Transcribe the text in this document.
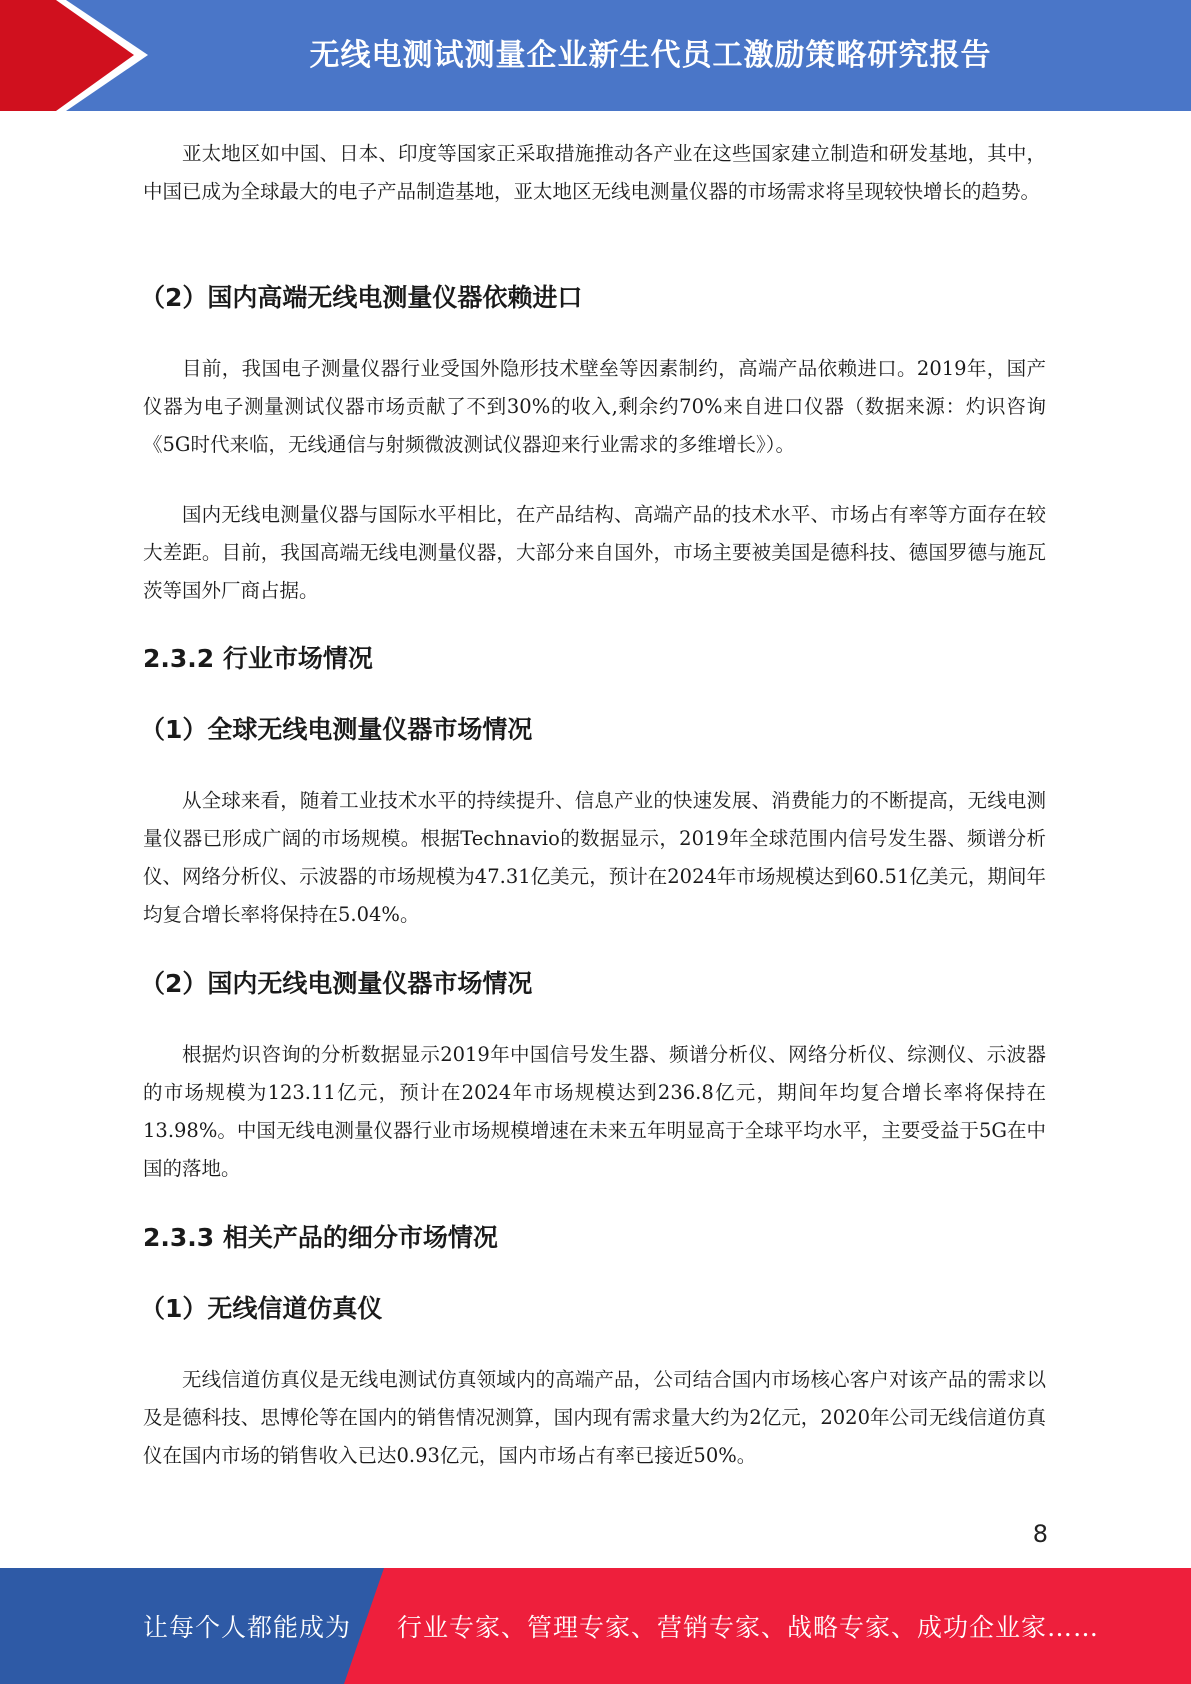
无线电测试测量企业新生代员工激励策略研究报告

亚太地区如中国、日本、印度等国家正采取措施推动各产业在这些国家建立制造和研发基地，其中，中国已成为全球最大的电子产品制造基地，亚太地区无线电测量仪器的市场需求将呈现较快增长的趋势。

（2）国内高端无线电测量仪器依赖进口

目前，我国电子测量仪器行业受国外隐形技术壁垒等因素制约，高端产品依赖进口。2019年，国产仪器为电子测量测试仪器市场贡献了不到30%的收入,剩余约70%来自进口仪器（数据来源：灼识咨询《5G时代来临，无线通信与射频微波测试仪器迎来行业需求的多维增长》）。

国内无线电测量仪器与国际水平相比，在产品结构、高端产品的技术水平、市场占有率等方面存在较大差距。目前，我国高端无线电测量仪器，大部分来自国外，市场主要被美国是德科技、德国罗德与施瓦茨等国外厂商占据。

2.3.2 行业市场情况
（1）全球无线电测量仪器市场情况

从全球来看，随着工业技术水平的持续提升、信息产业的快速发展、消费能力的不断提高，无线电测量仪器已形成广阔的市场规模。根据Technavio的数据显示，2019年全球范围内信号发生器、频谱分析仪、网络分析仪、示波器的市场规模为47.31亿美元，预计在2024年市场规模达到60.51亿美元，期间年均复合增长率将保持在5.04%。

（2）国内无线电测量仪器市场情况

根据灼识咨询的分析数据显示2019年中国信号发生器、频谱分析仪、网络分析仪、综测仪、示波器的市场规模为123.11亿元，预计在2024年市场规模达到236.8亿元，期间年均复合增长率将保持在13.98%。中国无线电测量仪器行业市场规模增速在未来五年明显高于全球平均水平，主要受益于5G在中国的落地。

2.3.3 相关产品的细分市场情况
（1）无线信道仿真仪

无线信道仿真仪是无线电测试仿真领域内的高端产品，公司结合国内市场核心客户对该产品的需求以及是德科技、思博伦等在国内的销售情况测算，国内现有需求量大约为2亿元，2020年公司无线信道仿真仪在国内市场的销售收入已达0.93亿元，国内市场占有率已接近50%。

8
让每个人都能成为 行业专家、管理专家、营销专家、战略专家、成功企业家……
